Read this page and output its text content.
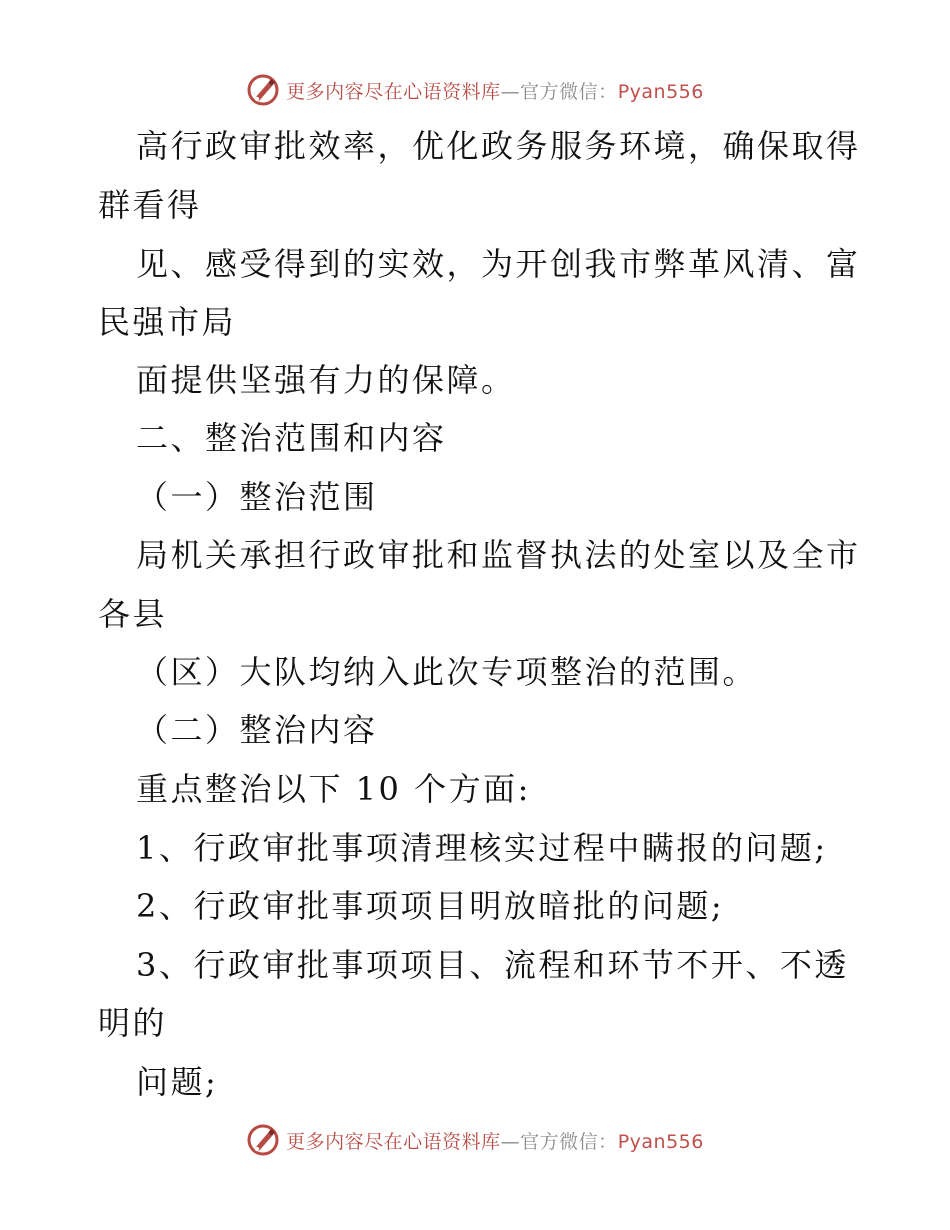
更多内容尽在心语资料库—官方微信：Pyan556
高行政审批效率，优化政务服务环境，确保取得
群看得
见、感受得到的实效，为开创我市弊革风清、富
民强市局
面提供坚强有力的保障。
二、整治范围和内容
（一）整治范围
局机关承担行政审批和监督执法的处室以及全市
各县
（区）大队均纳入此次专项整治的范围。
（二）整治内容
重点整治以下 10 个方面:
1、行政审批事项清理核实过程中瞒报的问题;
2、行政审批事项项目明放暗批的问题;
3、行政审批事项项目、流程和环节不开、不透
明的
问题;
更多内容尽在心语资料库—官方微信：Pyan556
